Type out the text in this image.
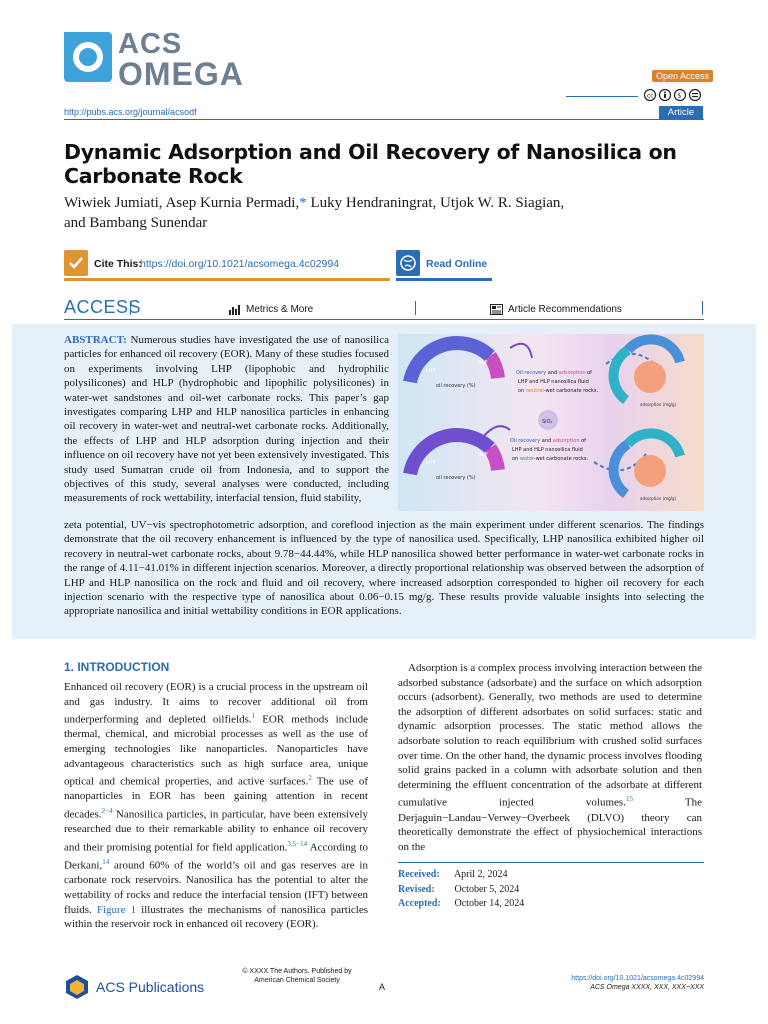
ACS
OMEGA	Open Access
cc	$
http://pubs.acs.org/journal/acsodf	Article
Dynamic Adsorption and Oil Recovery of Nanosilica on Carbonate Rock
Wiwiek Jumiati, Asep Kurnia Permadi,* Luky Hendraningrat, Utjok W. R. Siagian,
and Bambang Sunendar
Cite This:
https://doi.org/10.1021/acsomega.4c02994	Read Online
ACCESS	Metrics & More	Article Recommendations
ABSTRACT: Numerous studies have investigated the use of nanosilica particles for enhanced oil recovery (EOR). Many of these studies focused on experiments involving LHP (lipophobic and hydrophilic polysilicones) and HLP (hydrophobic and lipophilic polysilicones) in water-wet sandstones and oil-wet carbonate rocks. This paper’s gap investigates comparing LHP and HLP nanosilica particles in enhancing oil recovery in water-wet and neutral-wet carbonate rocks. Additionally, the effects of LHP and HLP adsorption during injection and their influence on oil recovery have not yet been extensively investigated. This study used Sumatran crude oil from Indonesia, and to support the objectives of this study, several analyses were conducted, including measurements of rock wettability, interfacial tension, fluid stability,
zeta potential, UV−vis spectrophotometric adsorption, and coreflood injection as the main experiment under different scenarios. The findings demonstrate that the oil recovery enhancement is influenced by the type of nanosilica used. Specifically, LHP nanosilica exhibited higher oil recovery in neutral-wet carbonate rocks, about 9.78−44.44%, while HLP nanosilica showed better performance in water-wet carbonate rocks in the range of 4.11−41.01% in different injection scenarios. Moreover, a directly proportional relationship was observed between the adsorption of LHP and HLP nanosilica on the rock and fluid and oil recovery, where increased adsorption corresponded to higher oil recovery for each injection scenario with the respective type of nanosilica about 0.06−0.15 mg/g. These results provide valuable insights into selecting the appropriate nanosilica and initial wettability conditions in EOR applications.
LHP
HLP
oil recovery (%)
Oil recovery and adsorption of
LHP and HLP nanosilica fluid
on neutral-wet carbonate rocks.
adsorption (mg/g)
SiO₂
LHP
HLP
oil recovery (%)
Oil recovery and adsorption of
LHP and HLP nanosilica fluid
on water-wet carbonate rocks.
adsorption (mg/g)
1. INTRODUCTION
Enhanced oil recovery (EOR) is a crucial process in the upstream oil and gas industry. It aims to recover additional oil from underperforming and depleted oilfields.$^1$ EOR methods include thermal, chemical, and microbial processes as well as the use of emerging technologies like nanoparticles. Nanoparticles have advantageous characteristics such as high surface area, unique optical and chemical properties, and active surfaces.$^2$ The use of nanoparticles in EOR has been gaining attention in recent decades.$^{2-4}$ Nanosilica particles, in particular, have been extensively researched due to their remarkable ability to enhance oil recovery and their promising potential for field application.$^{3,5-14}$ According to Derkani,$^{14}$ around 60% of the world’s oil and gas reserves are in carbonate rock reservoirs. Nanosilica has the potential to alter the wettability of rocks and reduce the interfacial tension (IFT) between fluids. Figure 1 illustrates the mechanisms of nanosilica particles within the reservoir rock in enhanced oil recovery (EOR).
Adsorption is a complex process involving interaction between the adsorbed substance (adsorbate) and the surface on which adsorption occurs (adsorbent). Generally, two methods are used to determine the adsorption of different adsorbates on solid surfaces: static and dynamic adsorption processes. The static method allows the adsorbate solution to reach equilibrium with crushed solid surfaces over time. On the other hand, the dynamic process involves flooding solid grains packed in a column with adsorbate solution and then determining the effluent concentration of the adsorbate at different cumulative injected volumes.$^{15}$ The Derjaguin−Landau−Verwey−Overbeek (DLVO) theory can theoretically demonstrate the effect of physiochemical interactions on the
Received: April 2, 2024
Revised: October 5, 2024
Accepted: October 14, 2024
ACS Publications
© XXXX The Authors. Published by
American Chemical Society
A
https://doi.org/10.1021/acsomega.4c02994
ACS Omega XXXX, XXX, XXX−XXX
